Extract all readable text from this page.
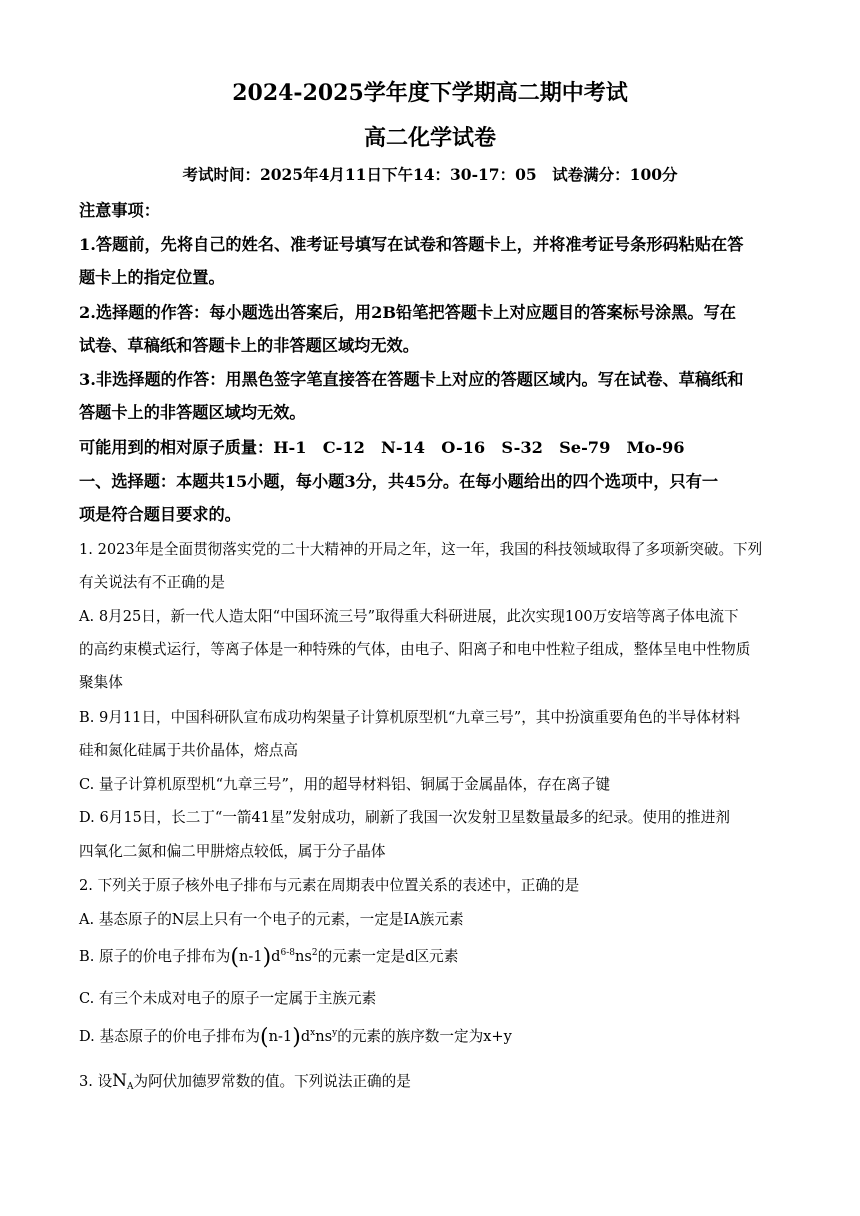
2024-2025学年度下学期高二期中考试
高二化学试卷
考试时间：2025年4月11日下午14：30-17：05　试卷满分：100分
注意事项：
1.答题前，先将自己的姓名、准考证号填写在试卷和答题卡上，并将准考证号条形码粘贴在答
题卡上的指定位置。
2.选择题的作答：每小题选出答案后，用2B铅笔把答题卡上对应题目的答案标号涂黑。写在
试卷、草稿纸和答题卡上的非答题区域均无效。
3.非选择题的作答：用黑色签字笔直接答在答题卡上对应的答题区域内。写在试卷、草稿纸和
答题卡上的非答题区域均无效。
可能用到的相对原子质量：H-1　C-12　N-14　O-16　S-32　Se-79　Mo-96
一、选择题：本题共15小题，每小题3分，共45分。在每小题给出的四个选项中，只有一
项是符合题目要求的。
1. 2023年是全面贯彻落实党的二十大精神的开局之年，这一年，我国的科技领域取得了多项新突破。下列
有关说法有不正确的是
A. 8月25日，新一代人造太阳“中国环流三号”取得重大科研进展，此次实现100万安培等离子体电流下
的高约束模式运行，等离子体是一种特殊的气体，由电子、阳离子和电中性粒子组成，整体呈电中性物质
聚集体
B. 9月11日，中国科研队宣布成功构架量子计算机原型机“九章三号”，其中扮演重要角色的半导体材料
硅和氮化硅属于共价晶体，熔点高
C. 量子计算机原型机“九章三号”，用的超导材料铝、铜属于金属晶体，存在离子键
D. 6月15日，长二丁“一箭41星”发射成功，刷新了我国一次发射卫星数量最多的纪录。使用的推进剂
四氧化二氮和偏二甲肼熔点较低，属于分子晶体
2. 下列关于原子核外电子排布与元素在周期表中位置关系的表述中，正确的是
A. 基态原子的N层上只有一个电子的元素，一定是ⅠA族元素
B. 原子的价电子排布为$(n-1)d^{6-8}ns^2$的元素一定是d区元素
C. 有三个未成对电子的原子一定属于主族元素
D. 基态原子的价电子排布为$(n-1)d^xns^y$的元素的族序数一定为x+y
3. 设$N_A$为阿伏加德罗常数的值。下列说法正确的是
